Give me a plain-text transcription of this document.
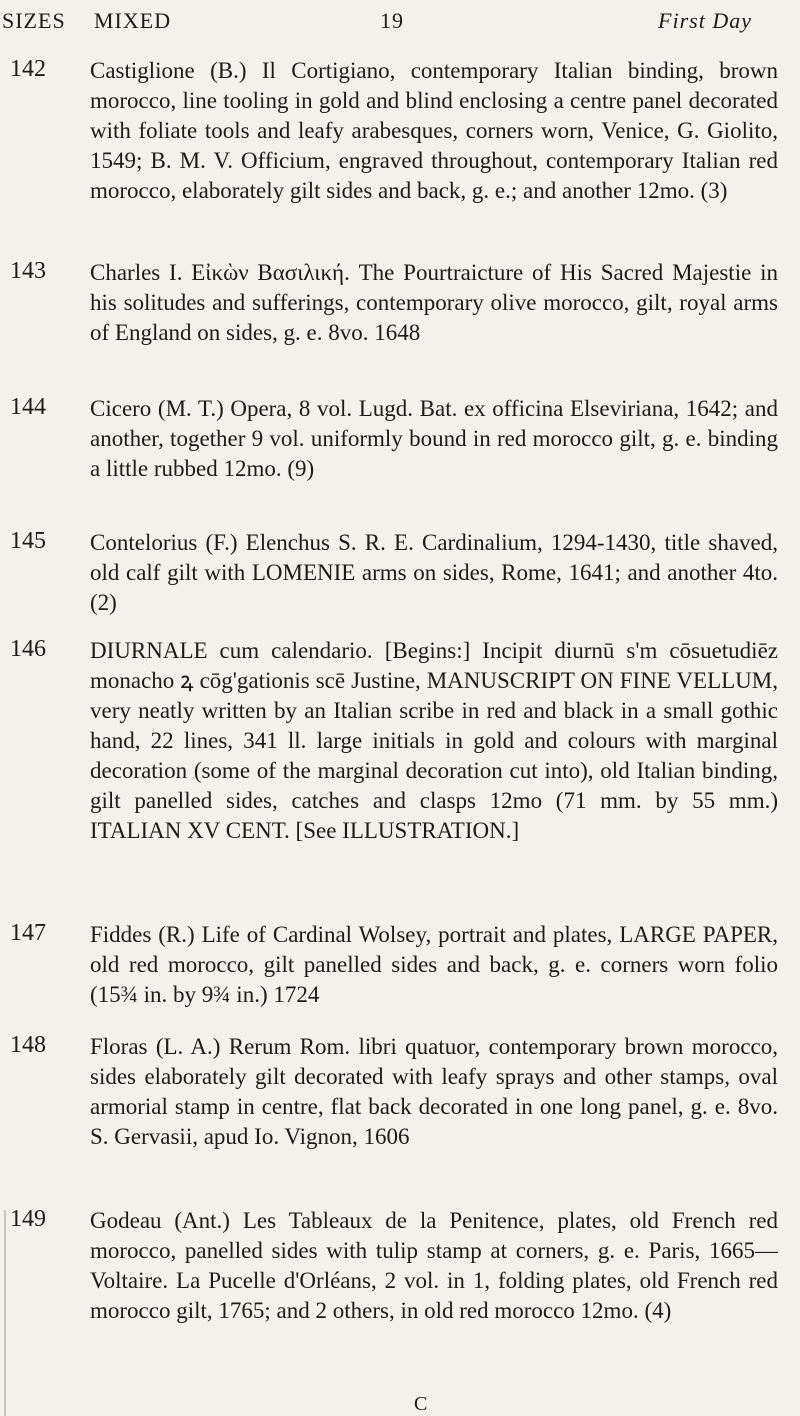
SIZES MIXED	19	First Day
142 Castiglione (B.) Il Cortigiano, contemporary Italian binding, brown morocco, line tooling in gold and blind enclosing a centre panel decorated with foliate tools and leafy arabesques, corners worn, Venice, G. Giolito, 1549; B. M. V. Officium, engraved throughout, contemporary Italian red morocco, elaborately gilt sides and back, g. e.; and another 12mo. (3)
143 Charles I. Εἰκὼν Βασιλική. The Pourtraicture of His Sacred Majestie in his solitudes and sufferings, contemporary olive morocco, gilt, royal arms of England on sides, g. e. 8vo. 1648
144 Cicero (M. T.) Opera, 8 vol. Lugd. Bat. ex officina Elseviriana, 1642; and another, together 9 vol. uniformly bound in red morocco gilt, g. e. binding a little rubbed 12mo. (9)
145 Contelorius (F.) Elenchus S. R. E. Cardinalium, 1294-1430, title shaved, old calf gilt with LOMENIE arms on sides, Rome, 1641; and another 4to. (2)
146 DIURNALE cum calendario. [Begins:] Incipit diurnū s'm cōsuetudiēz monacho ꝝ cōg'gationis scē Justine, MANUSCRIPT ON FINE VELLUM, very neatly written by an Italian scribe in red and black in a small gothic hand, 22 lines, 341 ll. large initials in gold and colours with marginal decoration (some of the marginal decoration cut into), old Italian binding, gilt panelled sides, catches and clasps 12mo (71 mm. by 55 mm.) ITALIAN XV CENT. [See ILLUSTRATION.]
147 Fiddes (R.) Life of Cardinal Wolsey, portrait and plates, LARGE PAPER, old red morocco, gilt panelled sides and back, g. e. corners worn folio (15¾ in. by 9¾ in.) 1724
148 Floras (L. A.) Rerum Rom. libri quatuor, contemporary brown morocco, sides elaborately gilt decorated with leafy sprays and other stamps, oval armorial stamp in centre, flat back decorated in one long panel, g. e. 8vo. S. Gervasii, apud Io. Vignon, 1606
149 Godeau (Ant.) Les Tableaux de la Penitence, plates, old French red morocco, panelled sides with tulip stamp at corners, g. e. Paris, 1665—Voltaire. La Pucelle d'Orléans, 2 vol. in 1, folding plates, old French red morocco gilt, 1765; and 2 others, in old red morocco 12mo. (4)
C
